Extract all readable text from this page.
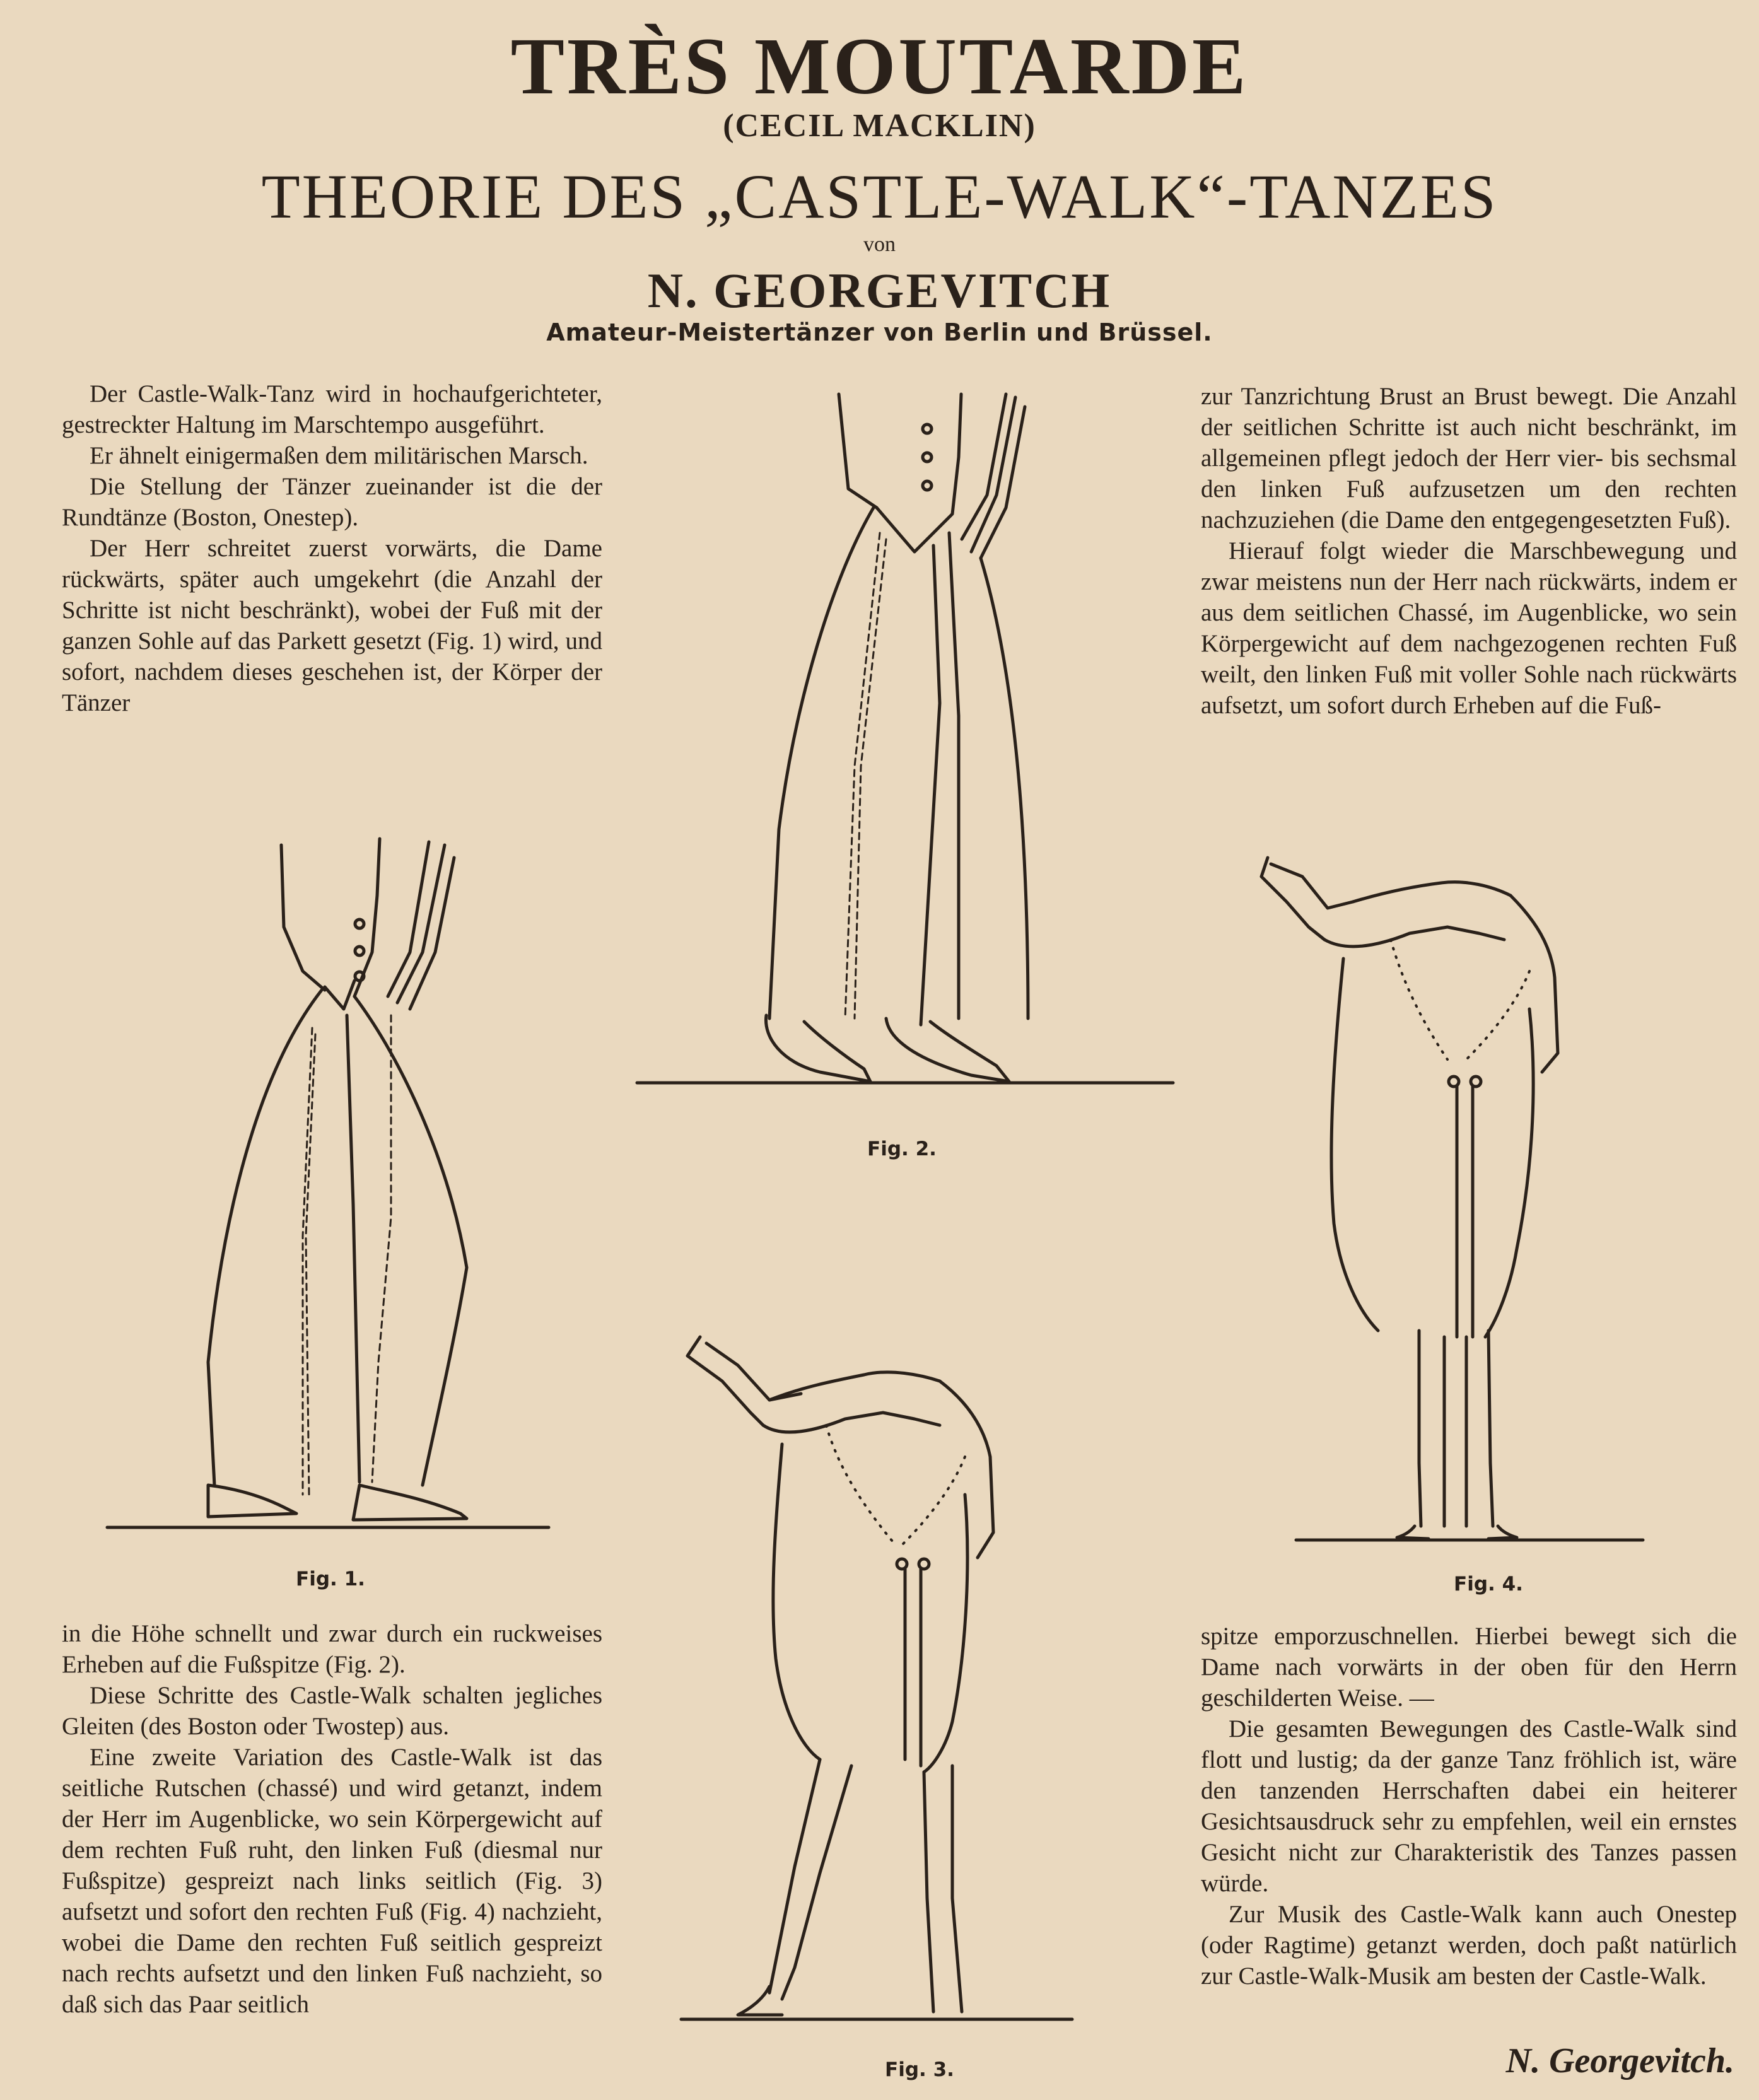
TRÈS MOUTARDE
(CECIL MACKLIN)
THEORIE DES „CASTLE-WALK“-TANZES
von
N. GEORGEVITCH
Amateur-Meistertänzer von Berlin und Brüssel.

Der Castle-Walk-Tanz wird in hochaufgerichteter, gestreckter Haltung im Marschtempo ausgeführt.

Er ähnelt einigermaßen dem militärischen Marsch.

Die Stellung der Tänzer zueinander ist die der Rundtänze (Boston, Onestep).

Der Herr schreitet zuerst vorwärts, die Dame rückwärts, später auch umgekehrt (die Anzahl der Schritte ist nicht beschränkt), wobei der Fuß mit der ganzen Sohle auf das Parkett gesetzt (Fig. 1) wird, und sofort, nachdem dieses geschehen ist, der Körper der Tänzer

in die Höhe schnellt und zwar durch ein ruckweises Erheben auf die Fußspitze (Fig. 2).

Diese Schritte des Castle-Walk schalten jegliches Gleiten (des Boston oder Twostep) aus.

Eine zweite Variation des Castle-Walk ist das seitliche Rutschen (chassé) und wird getanzt, indem der Herr im Augenblicke, wo sein Körpergewicht auf dem rechten Fuß ruht, den linken Fuß (diesmal nur Fußspitze) gespreizt nach links seitlich (Fig. 3) aufsetzt und sofort den rechten Fuß (Fig. 4) nachzieht, wobei die Dame den rechten Fuß seitlich gespreizt nach rechts aufsetzt und den linken Fuß nachzieht, so daß sich das Paar seitlich

zur Tanzrichtung Brust an Brust bewegt. Die Anzahl der seitlichen Schritte ist auch nicht beschränkt, im allgemeinen pflegt jedoch der Herr vier- bis sechsmal den linken Fuß aufzusetzen um den rechten nachzuziehen (die Dame den entgegengesetzten Fuß).

Hierauf folgt wieder die Marschbewegung und zwar meistens nun der Herr nach rückwärts, indem er aus dem seitlichen Chassé, im Augenblicke, wo sein Körpergewicht auf dem nachgezogenen rechten Fuß weilt, den linken Fuß mit voller Sohle nach rückwärts aufsetzt, um sofort durch Erheben auf die Fuß-

spitze emporzuschnellen. Hierbei bewegt sich die Dame nach vorwärts in der oben für den Herrn geschilderten Weise. —

Die gesamten Bewegungen des Castle-Walk sind flott und lustig; da der ganze Tanz fröhlich ist, wäre den tanzenden Herrschaften dabei ein heiterer Gesichtsausdruck sehr zu empfehlen, weil ein ernstes Gesicht nicht zur Charakteristik des Tanzes passen würde.

Zur Musik des Castle-Walk kann auch Onestep (oder Ragtime) getanzt werden, doch paßt natürlich zur Castle-Walk-Musik am besten der Castle-Walk.

Fig. 1.
Fig. 2.
Fig. 3.
Fig. 4.
N. Georgevitch.
